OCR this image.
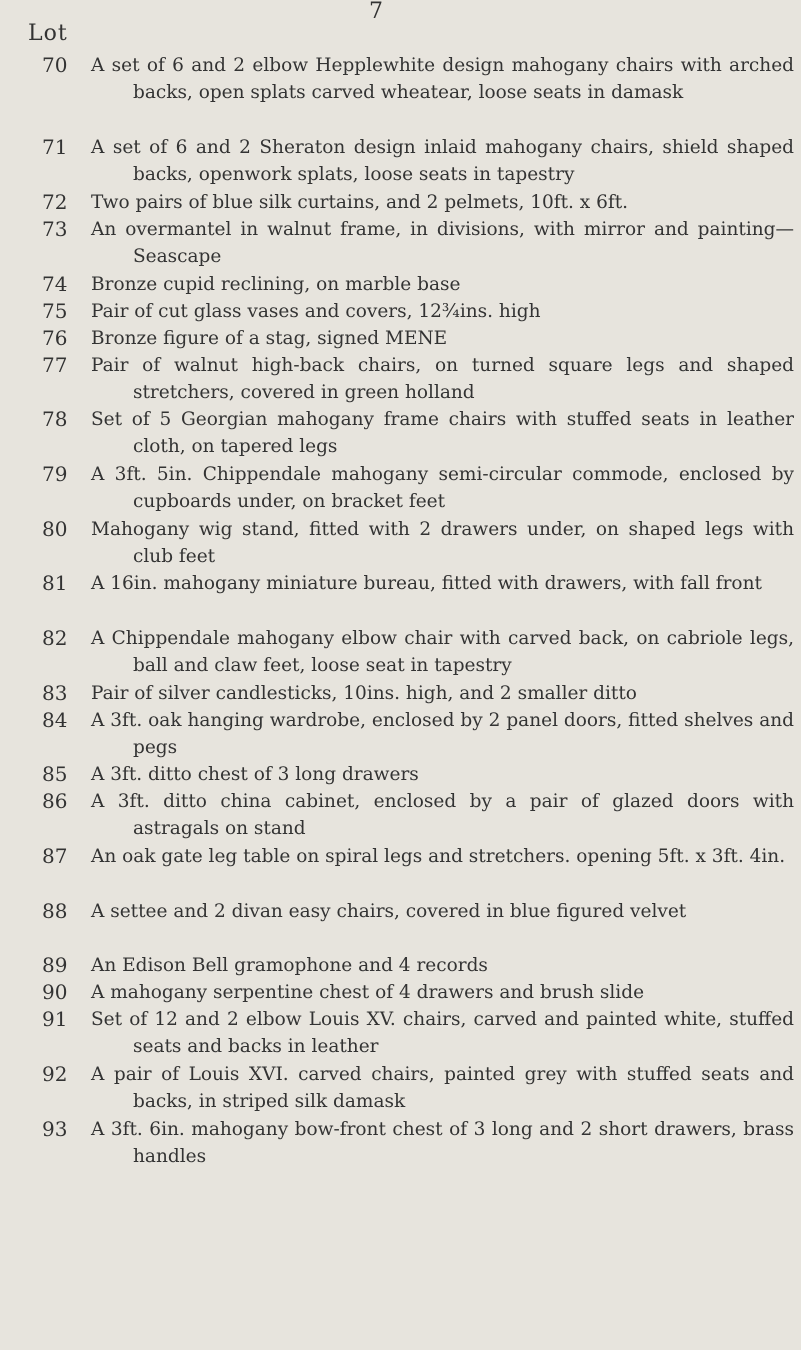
7
Lot
70	A set of 6 and 2 elbow Hepplewhite design mahogany chairs with arched backs, open splats carved wheatear, loose seats in damask
71	A set of 6 and 2 Sheraton design inlaid mahogany chairs, shield shaped backs, openwork splats, loose seats in tapestry
72	Two pairs of blue silk curtains, and 2 pelmets, 10ft. x 6ft.
73	An overmantel in walnut frame, in divisions, with mirror and painting—Seascape
74	Bronze cupid reclining, on marble base
75	Pair of cut glass vases and covers, 12¾ins. high
76	Bronze figure of a stag, signed MENE
77	Pair of walnut high-back chairs, on turned square legs and shaped stretchers, covered in green holland
78	Set of 5 Georgian mahogany frame chairs with stuffed seats in leather cloth, on tapered legs
79	A 3ft. 5in. Chippendale mahogany semi-circular commode, enclosed by cupboards under, on bracket feet
80	Mahogany wig stand, fitted with 2 drawers under, on shaped legs with club feet
81	A 16in. mahogany miniature bureau, fitted with drawers, with fall front
82	A Chippendale mahogany elbow chair with carved back, on cabriole legs, ball and claw feet, loose seat in tapestry
83	Pair of silver candlesticks, 10ins. high, and 2 smaller ditto
84	A 3ft. oak hanging wardrobe, enclosed by 2 panel doors, fitted shelves and pegs
85	A 3ft. ditto chest of 3 long drawers
86	A 3ft. ditto china cabinet, enclosed by a pair of glazed doors with astragals on stand
87	An oak gate leg table on spiral legs and stretchers. opening 5ft. x 3ft. 4in.
88	A settee and 2 divan easy chairs, covered in blue figured velvet
89	An Edison Bell gramophone and 4 records
90	A mahogany serpentine chest of 4 drawers and brush slide
91	Set of 12 and 2 elbow Louis XV. chairs, carved and painted white, stuffed seats and backs in leather
92	A pair of Louis XVI. carved chairs, painted grey with stuffed seats and backs, in striped silk damask
93	A 3ft. 6in. mahogany bow-front chest of 3 long and 2 short drawers, brass handles
